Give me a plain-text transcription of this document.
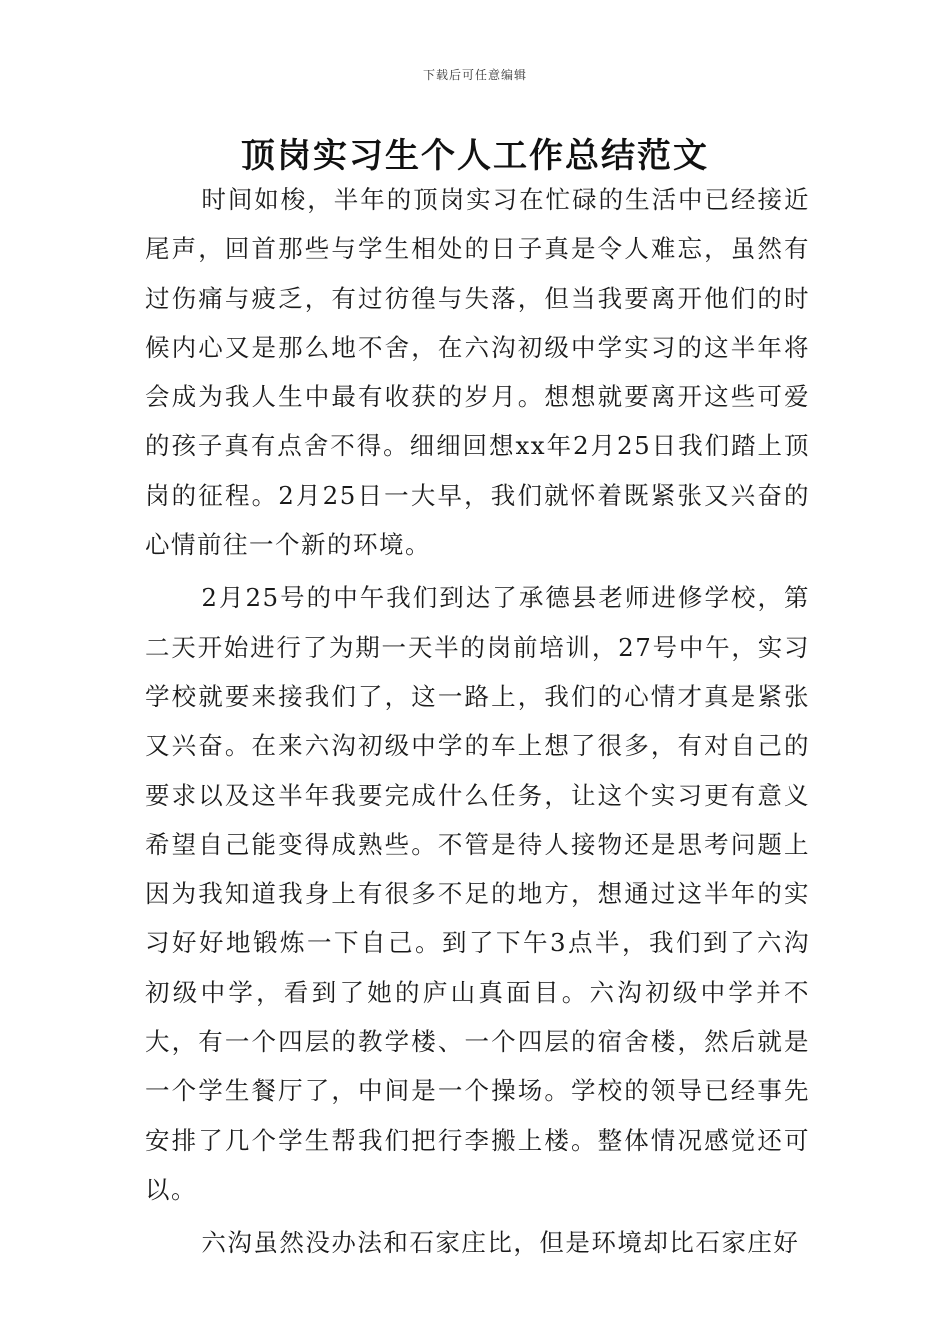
下载后可任意编辑
顶岗实习生个人工作总结范文

时间如梭，半年的顶岗实习在忙碌的生活中已经接近尾声，回首那些与学生相处的日子真是令人难忘，虽然有过伤痛与疲乏，有过彷徨与失落，但当我要离开他们的时候内心又是那么地不舍，在六沟初级中学实习的这半年将会成为我人生中最有收获的岁月。想想就要离开这些可爱的孩子真有点舍不得。细细回想xx年2月25日我们踏上顶岗的征程。2月25日一大早，我们就怀着既紧张又兴奋的心情前往一个新的环境。

2月25号的中午我们到达了承德县老师进修学校，第二天开始进行了为期一天半的岗前培训，27号中午，实习学校就要来接我们了，这一路上，我们的心情才真是紧张又兴奋。在来六沟初级中学的车上想了很多，有对自己的要求以及这半年我要完成什么任务，让这个实习更有意义希望自己能变得成熟些。不管是待人接物还是思考问题上因为我知道我身上有很多不足的地方，想通过这半年的实习好好地锻炼一下自己。到了下午3点半，我们到了六沟初级中学，看到了她的庐山真面目。六沟初级中学并不大，有一个四层的教学楼、一个四层的宿舍楼，然后就是一个学生餐厅了，中间是一个操场。学校的领导已经事先安排了几个学生帮我们把行李搬上楼。整体情况感觉还可以。

六沟虽然没办法和石家庄比，但是环境却比石家庄好
